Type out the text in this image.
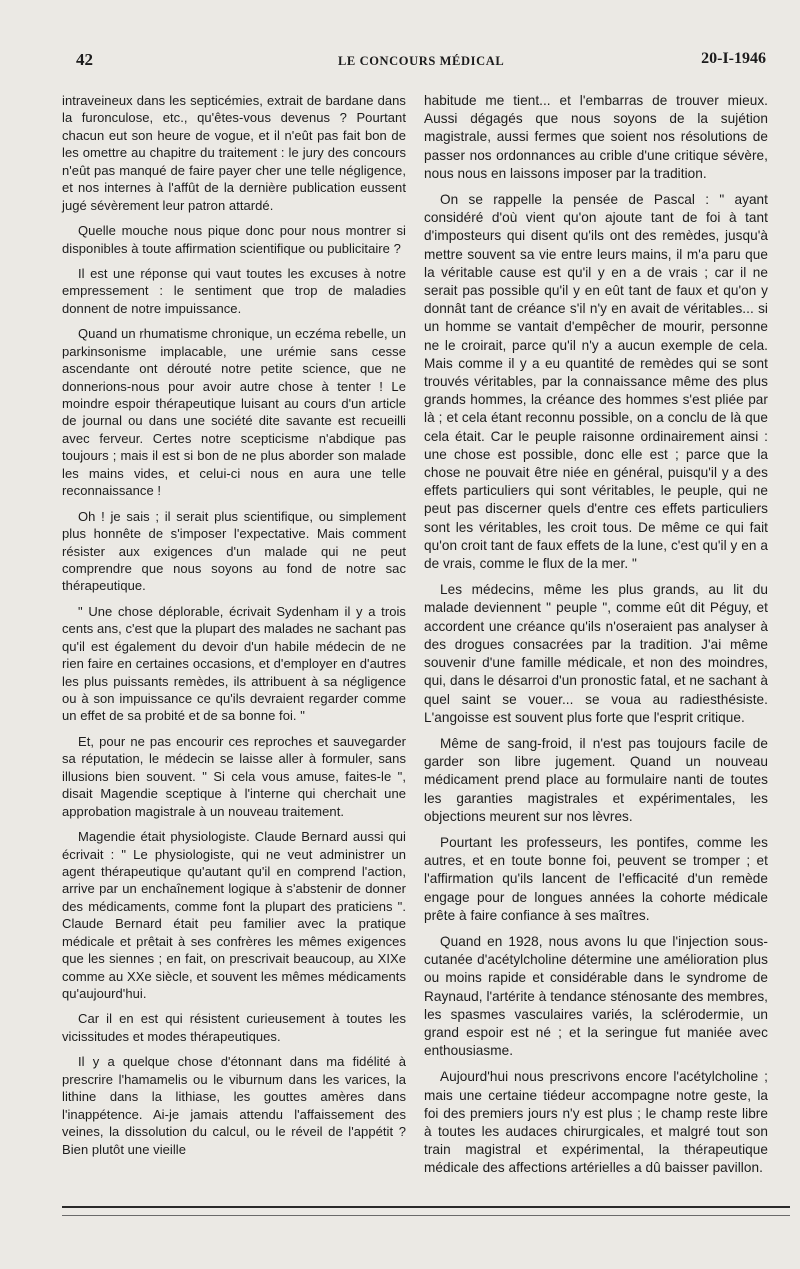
42	LE CONCOURS MÉDICAL	20-I-1946

intraveineux dans les septicémies, extrait de bardane dans la furonculose, etc., qu'êtes-vous devenus ? Pourtant chacun eut son heure de vogue, et il n'eût pas fait bon de les omettre au chapitre du traitement : le jury des concours n'eût pas manqué de faire payer cher une telle négligence, et nos internes à l'affût de la dernière publication eussent jugé sévèrement leur patron attardé.

Quelle mouche nous pique donc pour nous montrer si disponibles à toute affirmation scientifique ou publicitaire ?

Il est une réponse qui vaut toutes les excuses à notre empressement : le sentiment que trop de maladies donnent de notre impuissance.

Quand un rhumatisme chronique, un eczéma rebelle, un parkinsonisme implacable, une urémie sans cesse ascendante ont dérouté notre petite science, que ne donnerions-nous pour avoir autre chose à tenter ! Le moindre espoir thérapeutique luisant au cours d'un article de journal ou dans une société dite savante est recueilli avec ferveur. Certes notre scepticisme n'abdique pas toujours ; mais il est si bon de ne plus aborder son malade les mains vides, et celui-ci nous en aura une telle reconnaissance !

Oh ! je sais ; il serait plus scientifique, ou simplement plus honnête de s'imposer l'expectative. Mais comment résister aux exigences d'un malade qui ne peut comprendre que nous soyons au fond de notre sac thérapeutique.

" Une chose déplorable, écrivait Sydenham il y a trois cents ans, c'est que la plupart des malades ne sachant pas qu'il est également du devoir d'un habile médecin de ne rien faire en certaines occasions, et d'employer en d'autres les plus puissants remèdes, ils attribuent à sa négligence ou à son impuissance ce qu'ils devraient regarder comme un effet de sa probité et de sa bonne foi. "

Et, pour ne pas encourir ces reproches et sauvegarder sa réputation, le médecin se laisse aller à formuler, sans illusions bien souvent. " Si cela vous amuse, faites-le ", disait Magendie sceptique à l'interne qui cherchait une approbation magistrale à un nouveau traitement.

Magendie était physiologiste. Claude Bernard aussi qui écrivait : " Le physiologiste, qui ne veut administrer un agent thérapeutique qu'autant qu'il en comprend l'action, arrive par un enchaînement logique à s'abstenir de donner des médicaments, comme font la plupart des praticiens ". Claude Bernard était peu familier avec la pratique médicale et prêtait à ses confrères les mêmes exigences que les siennes ; en fait, on prescrivait beaucoup, au XIXe comme au XXe siècle, et souvent les mêmes médicaments qu'aujourd'hui.

Car il en est qui résistent curieusement à toutes les vicissitudes et modes thérapeutiques.

Il y a quelque chose d'étonnant dans ma fidélité à prescrire l'hamamelis ou le viburnum dans les varices, la lithine dans la lithiase, les gouttes amères dans l'inappétence. Ai-je jamais attendu l'affaissement des veines, la dissolution du calcul, ou le réveil de l'appétit ? Bien plutôt une vieille

habitude me tient... et l'embarras de trouver mieux. Aussi dégagés que nous soyons de la sujétion magistrale, aussi fermes que soient nos résolutions de passer nos ordonnances au crible d'une critique sévère, nous nous en laissons imposer par la tradition.

On se rappelle la pensée de Pascal : " ayant considéré d'où vient qu'on ajoute tant de foi à tant d'imposteurs qui disent qu'ils ont des remèdes, jusqu'à mettre souvent sa vie entre leurs mains, il m'a paru que la véritable cause est qu'il y en a de vrais ; car il ne serait pas possible qu'il y en eût tant de faux et qu'on y donnât tant de créance s'il n'y en avait de véritables... si un homme se vantait d'empêcher de mourir, personne ne le croirait, parce qu'il n'y a aucun exemple de cela. Mais comme il y a eu quantité de remèdes qui se sont trouvés véritables, par la connaissance même des plus grands hommes, la créance des hommes s'est pliée par là ; et cela étant reconnu possible, on a conclu de là que cela était. Car le peuple raisonne ordinairement ainsi : une chose est possible, donc elle est ; parce que la chose ne pouvait être niée en général, puisqu'il y a des effets particuliers qui sont véritables, le peuple, qui ne peut pas discerner quels d'entre ces effets particuliers sont les véritables, les croit tous. De même ce qui fait qu'on croit tant de faux effets de la lune, c'est qu'il y en a de vrais, comme le flux de la mer. "

Les médecins, même les plus grands, au lit du malade deviennent " peuple ", comme eût dit Péguy, et accordent une créance qu'ils n'oseraient pas analyser à des drogues consacrées par la tradition. J'ai même souvenir d'une famille médicale, et non des moindres, qui, dans le désarroi d'un pronostic fatal, et ne sachant à quel saint se vouer... se voua au radiesthésiste. L'angoisse est souvent plus forte que l'esprit critique.

Même de sang-froid, il n'est pas toujours facile de garder son libre jugement. Quand un nouveau médicament prend place au formulaire nanti de toutes les garanties magistrales et expérimentales, les objections meurent sur nos lèvres.

Pourtant les professeurs, les pontifes, comme les autres, et en toute bonne foi, peuvent se tromper ; et l'affirmation qu'ils lancent de l'efficacité d'un remède engage pour de longues années la cohorte médicale prête à faire confiance à ses maîtres.

Quand en 1928, nous avons lu que l'injection sous-cutanée d'acétylcholine détermine une amélioration plus ou moins rapide et considérable dans le syndrome de Raynaud, l'artérite à tendance sténosante des membres, les spasmes vasculaires variés, la sclérodermie, un grand espoir est né ; et la seringue fut maniée avec enthousiasme.

Aujourd'hui nous prescrivons encore l'acétylcholine ; mais une certaine tiédeur accompagne notre geste, la foi des premiers jours n'y est plus ; le champ reste libre à toutes les audaces chirurgicales, et malgré tout son train magistral et expérimental, la thérapeutique médicale des affections artérielles a dû baisser pavillon.
